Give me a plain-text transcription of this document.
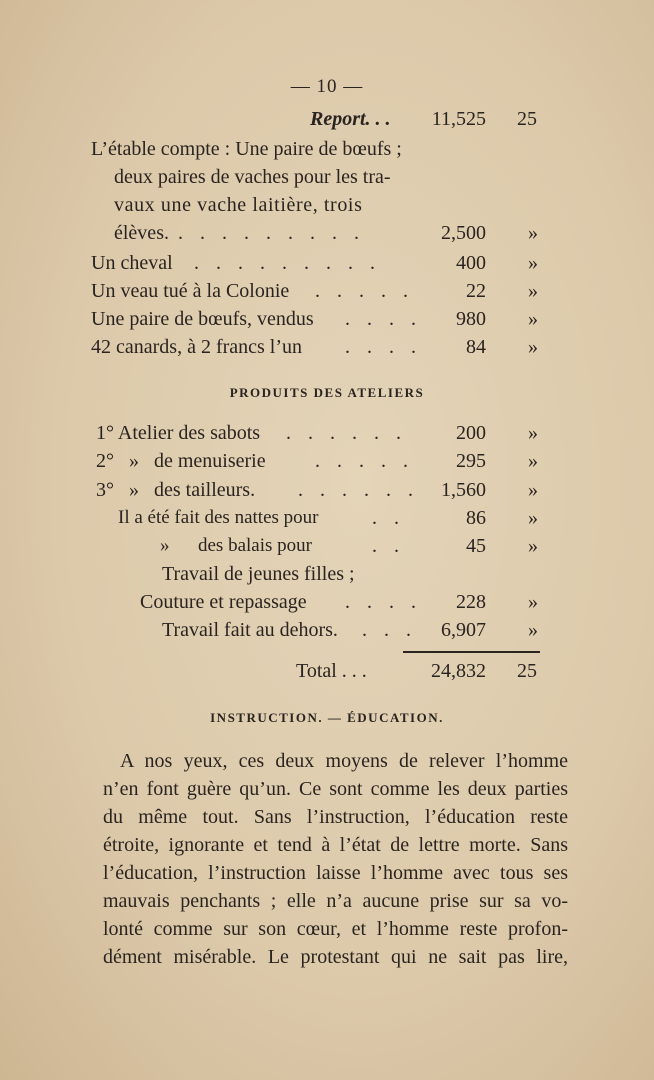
— 10 —
Report. . . 11,525 25
L’étable compte : Une paire de bœufs ;
deux paires de vaches pour les tra-
vaux une vache laitière, trois
élèves. . . . . . . . . .	2,500 »
Un cheval . . . . . . . . .	400 »
Un veau tué à la Colonie . . . . .	22 »
Une paire de bœufs, vendus . . . . 980 »
42 canards, à 2 francs l’un . . . . 84 »
PRODUITS DES ATELIERS
1° Atelier des sabots . . . . . . 200 »
2°   »   de menuiserie . . . . . 295 »
3°   »   des tailleurs. . . . . . . 1,560 »
Il a été fait des nattes pour	. .	86 »
»      des balais pour	. .	45 »
Travail de jeunes filles ;
Couture et repassage . . . . 228 »
Travail fait au dehors. . . . 6,907 »
Total . . .	24,832 25
INSTRUCTION. — ÉDUCATION.
A nos yeux, ces deux moyens de relever l’homme
n’en font guère qu’un. Ce sont comme les deux parties
du même tout. Sans l’instruction, l’éducation reste
étroite, ignorante et tend à l’état de lettre morte. Sans
l’éducation, l’instruction laisse l’homme avec tous ses
mauvais penchants ; elle n’a aucune prise sur sa vo-
lonté comme sur son cœur, et l’homme reste profon-
dément misérable. Le protestant qui ne sait pas lire,
